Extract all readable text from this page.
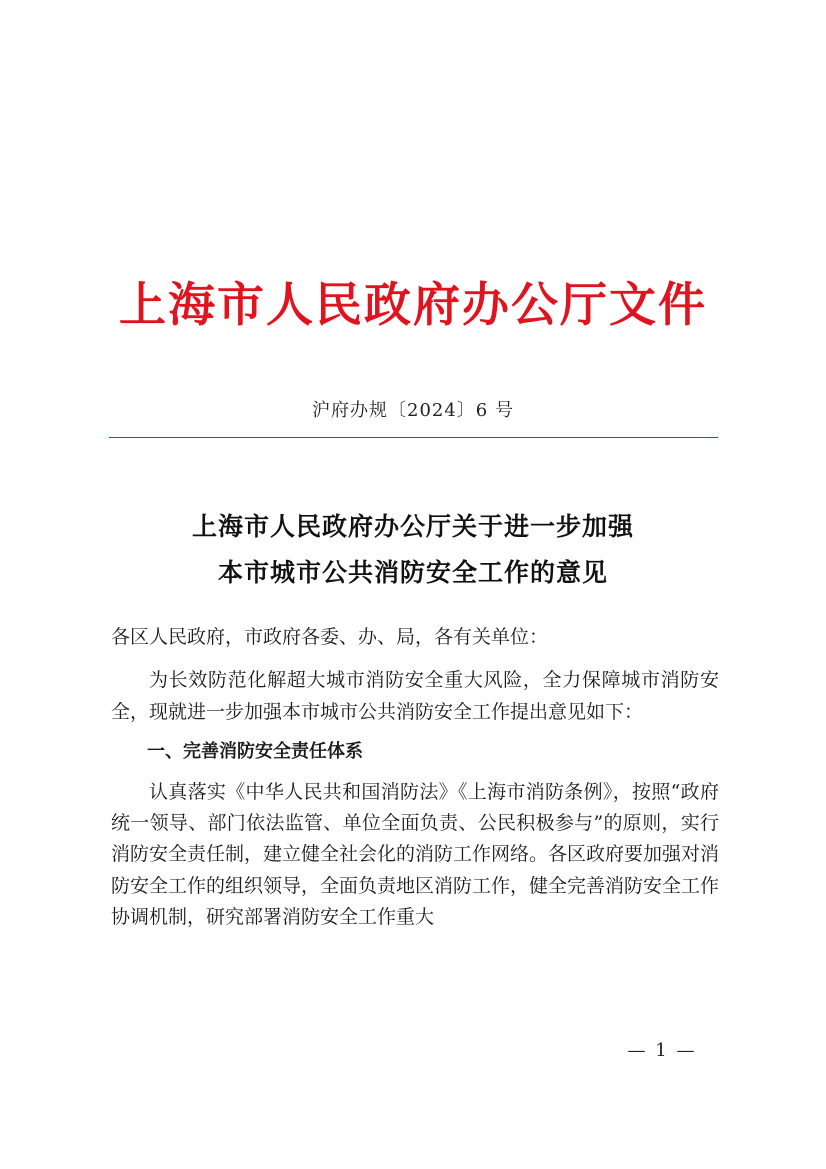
上海市人民政府办公厅文件
沪府办规〔2024〕6 号
上海市人民政府办公厅关于进一步加强
本市城市公共消防安全工作的意见

各区人民政府，市政府各委、办、局，各有关单位：

为长效防范化解超大城市消防安全重大风险，全力保障城市消防安全，现就进一步加强本市城市公共消防安全工作提出意见如下：

一、完善消防安全责任体系

认真落实《中华人民共和国消防法》《上海市消防条例》，按照“政府统一领导、部门依法监管、单位全面负责、公民积极参与”的原则，实行消防安全责任制，建立健全社会化的消防工作网络。各区政府要加强对消防安全工作的组织领导，全面负责地区消防工作，健全完善消防安全工作协调机制，研究部署消防安全工作重大

— 1 —
